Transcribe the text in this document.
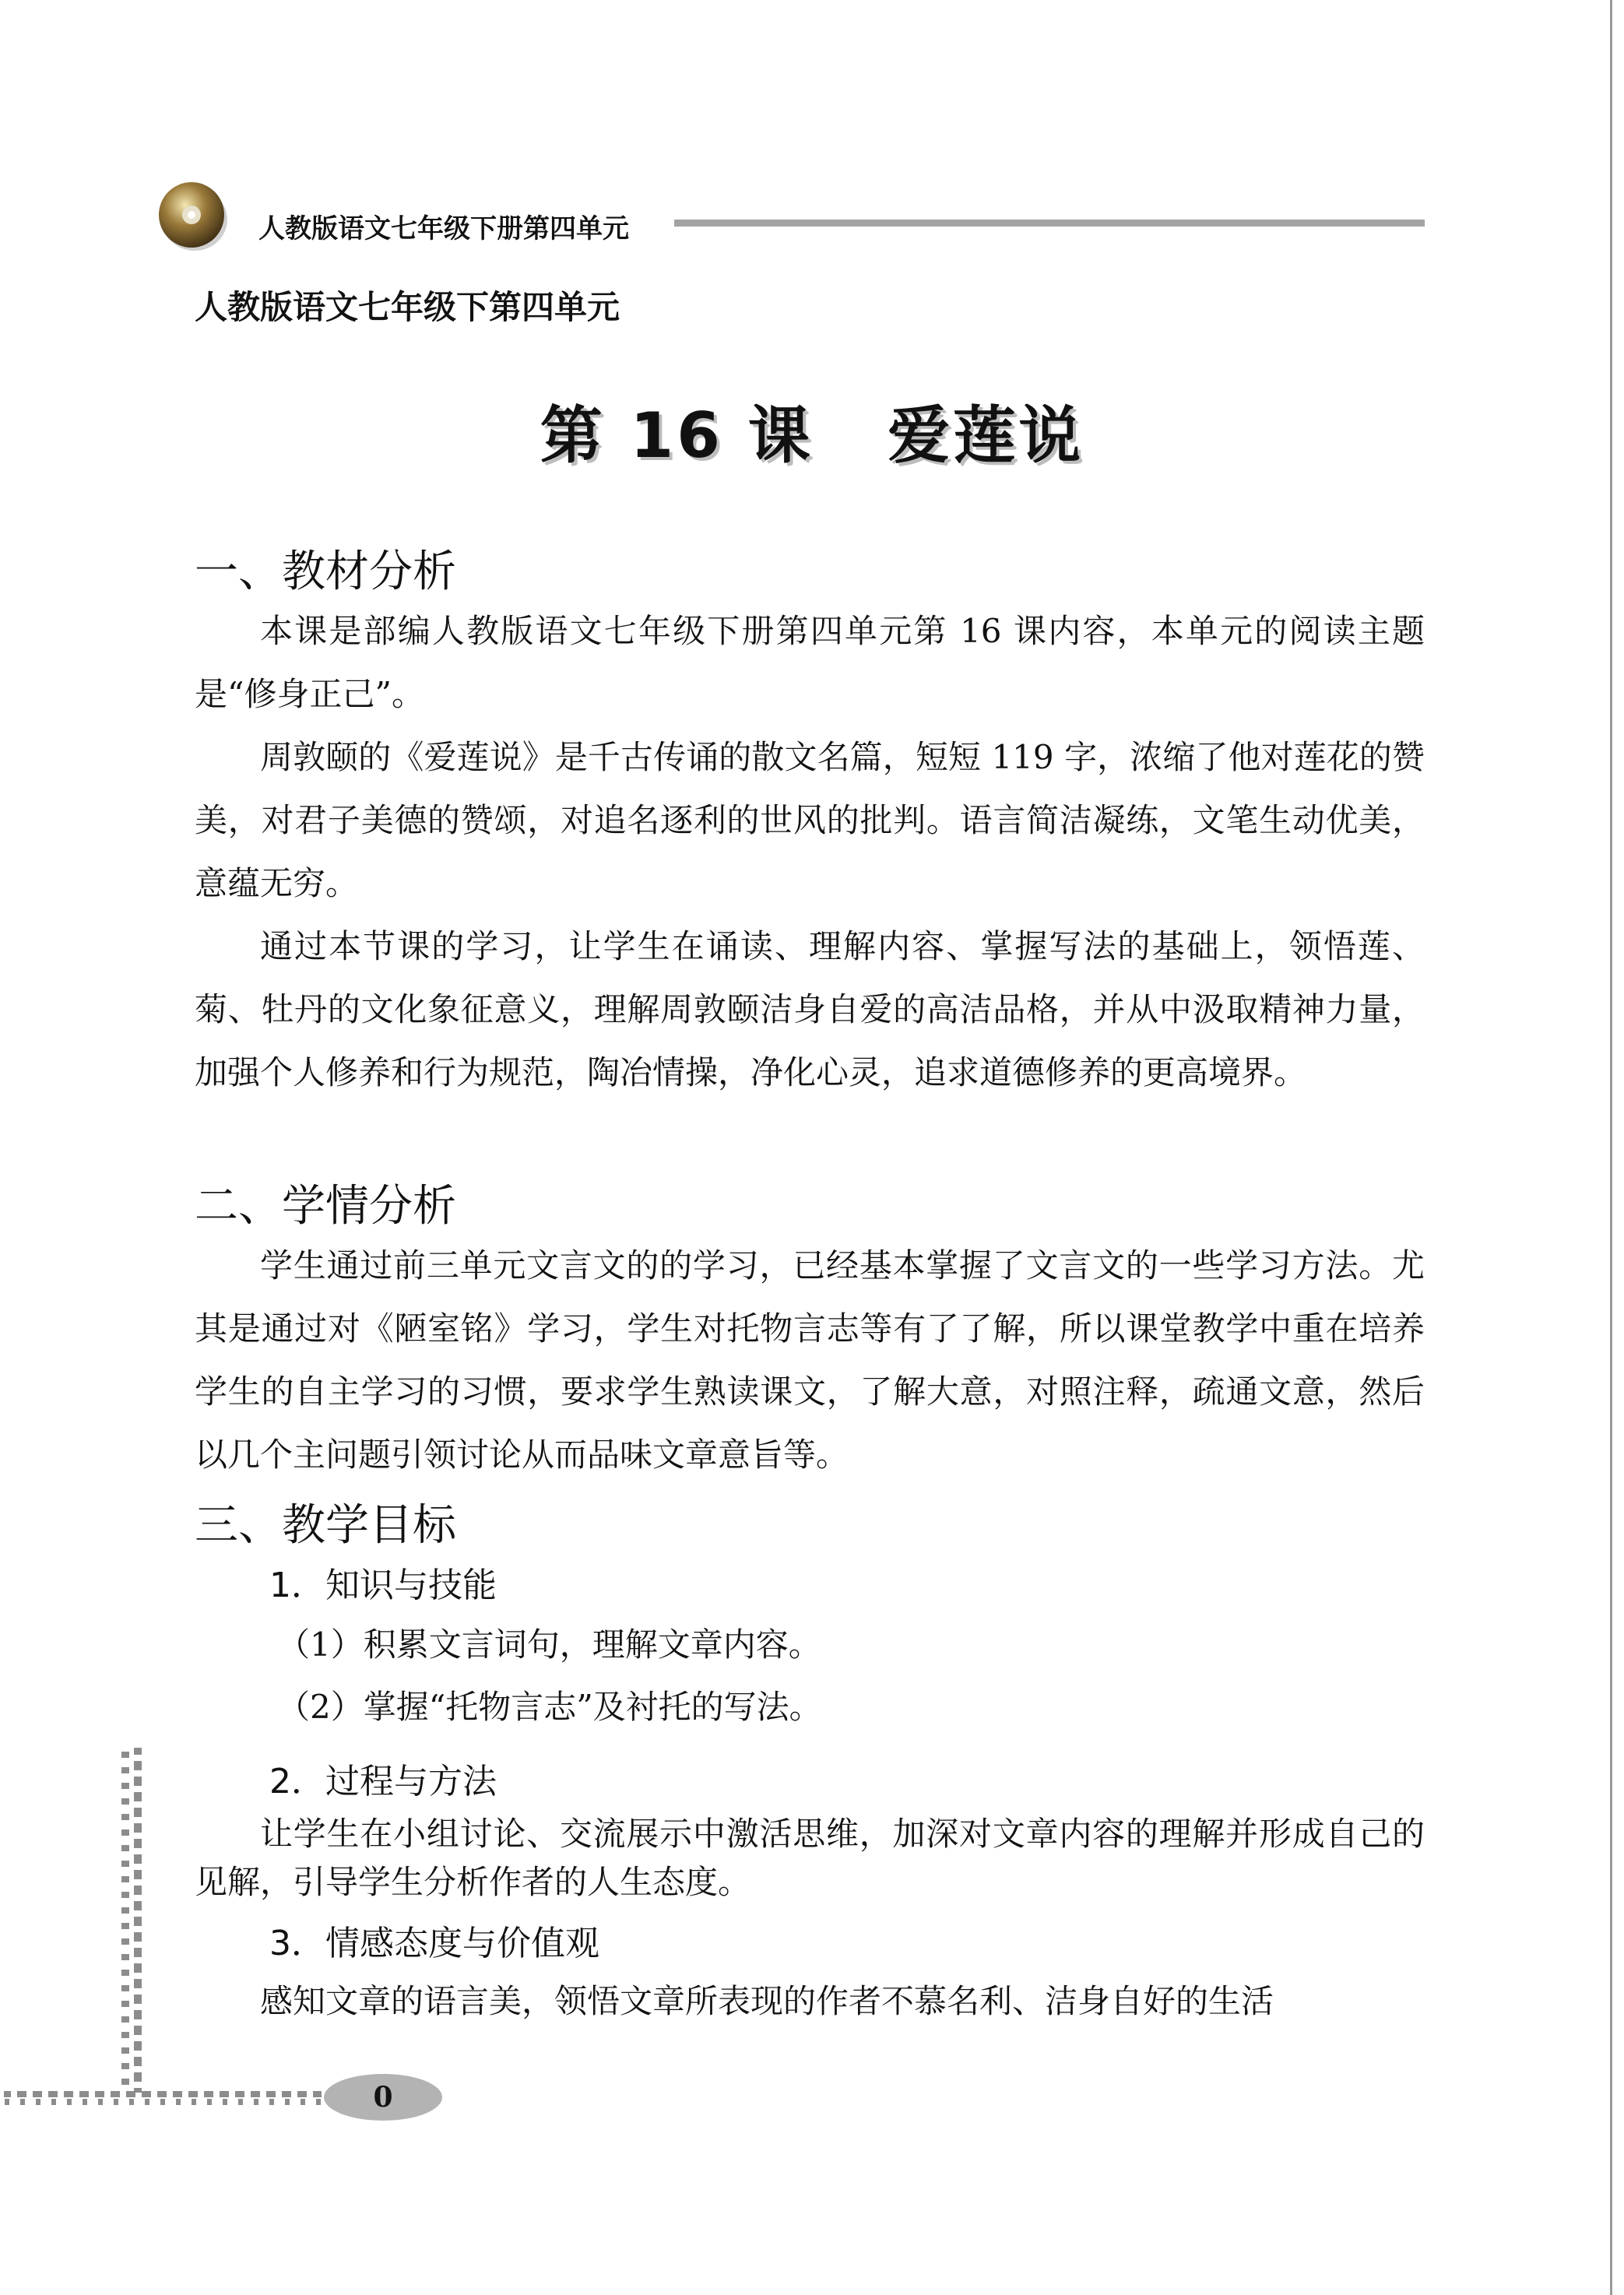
人教版语文七年级下册第四单元
人教版语文七年级下第四单元
第 16 课   爱莲说
一、教材分析

本课是部编人教版语文七年级下册第四单元第 16 课内容，本单元的阅读主题是“修身正己”。

周敦颐的《爱莲说》是千古传诵的散文名篇，短短 119 字，浓缩了他对莲花的赞美，对君子美德的赞颂，对追名逐利的世风的批判。语言简洁凝练，文笔生动优美，意蕴无穷。

通过本节课的学习，让学生在诵读、理解内容、掌握写法的基础上，领悟莲、菊、牡丹的文化象征意义，理解周敦颐洁身自爱的高洁品格，并从中汲取精神力量，加强个人修养和行为规范，陶冶情操，净化心灵，追求道德修养的更高境界。

二、学情分析

学生通过前三单元文言文的的学习，已经基本掌握了文言文的一些学习方法。尤其是通过对《陋室铭》学习，学生对托物言志等有了了解，所以课堂教学中重在培养学生的自主学习的习惯，要求学生熟读课文，了解大意，对照注释，疏通文意，然后以几个主问题引领讨论从而品味文章意旨等。

三、教学目标
1．知识与技能
（1）积累文言词句，理解文章内容。
（2）掌握“托物言志”及衬托的写法。
2．过程与方法

让学生在小组讨论、交流展示中激活思维，加深对文章内容的理解并形成自己的见解，引导学生分析作者的人生态度。

3．情感态度与价值观

感知文章的语言美，领悟文章所表现的作者不慕名利、洁身自好的生活

0
